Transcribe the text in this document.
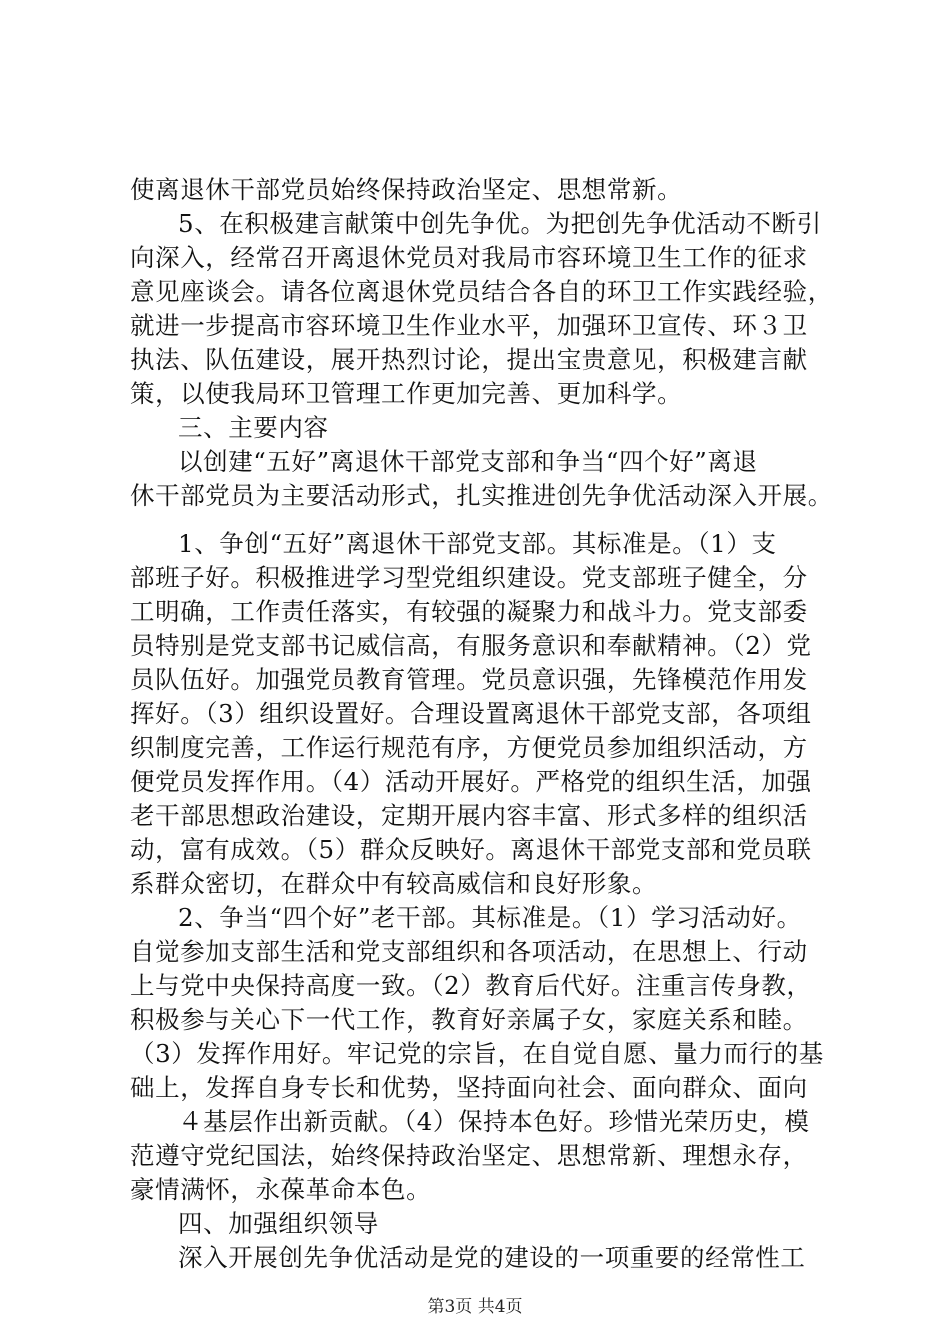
使离退休干部党员始终保持政治坚定、思想常新。
5、在积极建言献策中创先争优。为把创先争优活动不断引
向深入，经常召开离退休党员对我局市容环境卫生工作的征求
意见座谈会。请各位离退休党员结合各自的环卫工作实践经验，
就进一步提高市容环境卫生作业水平，加强环卫宣传、环３卫
执法、队伍建设，展开热烈讨论，提出宝贵意见，积极建言献
策，以使我局环卫管理工作更加完善、更加科学。
三、主要内容
以创建“五好”离退休干部党支部和争当“四个好”离退
休干部党员为主要活动形式，扎实推进创先争优活动深入开展。
1、争创“五好”离退休干部党支部。其标准是。（1）支
部班子好。积极推进学习型党组织建设。党支部班子健全，分
工明确，工作责任落实，有较强的凝聚力和战斗力。党支部委
员特别是党支部书记威信高，有服务意识和奉献精神。（2）党
员队伍好。加强党员教育管理。党员意识强，先锋模范作用发
挥好。（3）组织设置好。合理设置离退休干部党支部，各项组
织制度完善，工作运行规范有序，方便党员参加组织活动，方
便党员发挥作用。（4）活动开展好。严格党的组织生活，加强
老干部思想政治建设，定期开展内容丰富、形式多样的组织活
动，富有成效。（5）群众反映好。离退休干部党支部和党员联
系群众密切，在群众中有较高威信和良好形象。
2、争当“四个好”老干部。其标准是。（1）学习活动好。
自觉参加支部生活和党支部组织和各项活动，在思想上、行动
上与党中央保持高度一致。（2）教育后代好。注重言传身教，
积极参与关心下一代工作，教育好亲属子女，家庭关系和睦。
（3）发挥作用好。牢记党的宗旨，在自觉自愿、量力而行的基
础上，发挥自身专长和优势，坚持面向社会、面向群众、面向
４基层作出新贡献。（4）保持本色好。珍惜光荣历史，模
范遵守党纪国法，始终保持政治坚定、思想常新、理想永存，
豪情满怀，永葆革命本色。
四、加强组织领导
深入开展创先争优活动是党的建设的一项重要的经常性工
第3页 共4页
